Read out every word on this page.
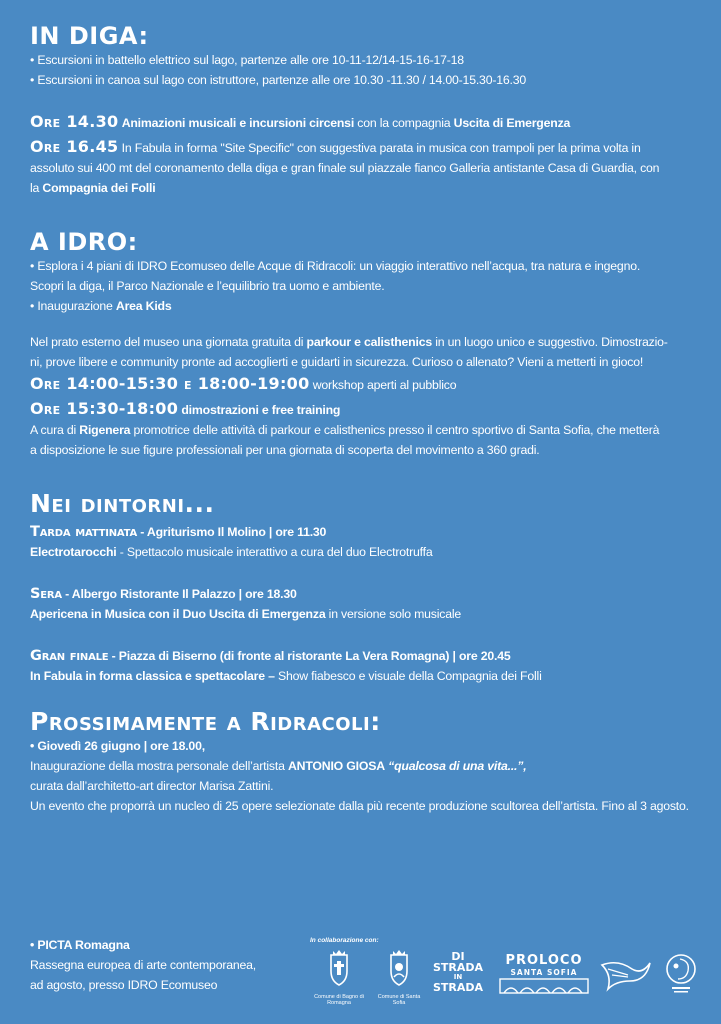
IN DIGA:

• Escursioni in battello elettrico sul lago, partenze alle ore 10-11-12/14-15-16-17-18

• Escursioni in canoa sul lago con istruttore, partenze alle ore 10.30 -11.30 / 14.00-15.30-16.30

Ore 14.30 Animazioni musicali e incursioni circensi con la compagnia Uscita di Emergenza

Ore 16.45 In Fabula in forma "Site Specific" con suggestiva parata in musica con trampoli per la prima volta in

assoluto sui 400 mt del coronamento della diga e gran finale sul piazzale fianco Galleria antistante Casa di Guardia, con

la Compagnia dei Folli

A IDRO:

• Esplora i 4 piani di IDRO Ecomuseo delle Acque di Ridracoli: un viaggio interattivo nell’acqua, tra natura e ingegno.

Scopri la diga, il Parco Nazionale e l’equilibrio tra uomo e ambiente.

• Inaugurazione Area Kids

Nel prato esterno del museo una giornata gratuita di parkour e calisthenics in un luogo unico e suggestivo. Dimostrazio-

ni, prove libere e community pronte ad accoglierti e guidarti in sicurezza. Curioso o allenato? Vieni a metterti in gioco!

Ore 14:00-15:30 e 18:00-19:00 workshop aperti al pubblico

Ore 15:30-18:00 dimostrazioni e free training

A cura di Rigenera promotrice delle attività di parkour e calisthenics presso il centro sportivo di Santa Sofia, che metterà

a disposizione le sue figure professionali per una giornata di scoperta del movimento a 360 gradi.

Nei dintorni...

Tarda mattinata - Agriturismo Il Molino | ore 11.30

Electrotarocchi - Spettacolo musicale interattivo a cura del duo Electrotruffa

Sera - Albergo Ristorante Il Palazzo | ore 18.30

Apericena in Musica con il Duo Uscita di Emergenza in versione solo musicale

Gran finale - Piazza di Biserno (di fronte al ristorante La Vera Romagna) | ore 20.45

In Fabula in forma classica e spettacolare – Show fiabesco e visuale della Compagnia dei Folli

Prossimamente a Ridracoli:

• Giovedì 26 giugno | ore 18.00,

Inaugurazione della mostra personale dell’artista ANTONIO GIOSA “qualcosa di una vita...”,

curata dall’architetto-art director Marisa Zattini.

Un evento che proporrà un nucleo di 25 opere selezionate dalla più recente produzione scultorea dell’artista. Fino al 3 agosto.

• PICTA Romagna

Rassegna europea di arte contemporanea,

ad agosto, presso IDRO Ecomuseo

In collaborazione con:
Comune di Bagno di Romagna
Comune di Santa Sofia
DI STRADA
IN
STRADA
PROLOCO
SANTA SOFIA
